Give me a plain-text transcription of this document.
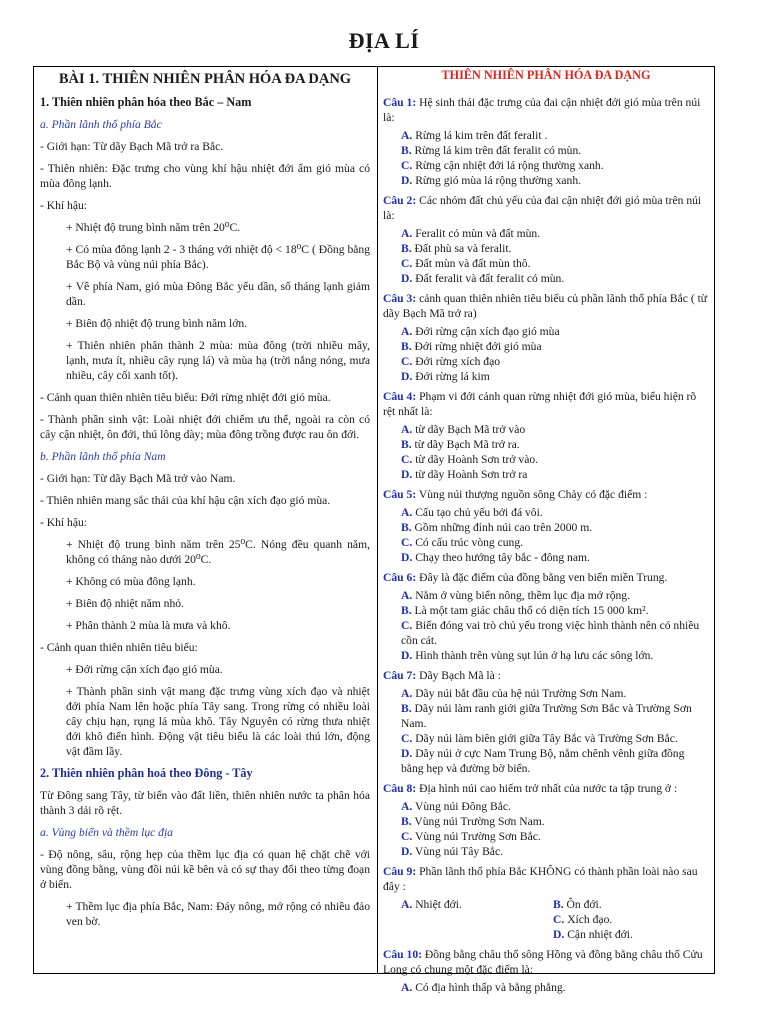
ĐỊA LÍ
BÀI 1. THIÊN NHIÊN PHÂN HÓA ĐA DẠNG
1. Thiên nhiên phân hóa theo Bắc – Nam
a. Phần lãnh thổ phía Bắc
- Giới hạn: Từ dãy Bạch Mã trở ra Bắc.
- Thiên nhiên: Đặc trưng cho vùng khí hậu nhiệt đới ẩm gió mùa có mùa đông lạnh.
- Khí hậu:
+ Nhiệt độ trung bình năm trên 20⁰C.
+ Có mùa đông lạnh 2 - 3 tháng với nhiệt độ < 18⁰C ( Đồng bằng Bắc Bộ và vùng núi phía Bắc).
+ Về phía Nam, gió mùa Đông Bắc yếu dần, số tháng lạnh giảm dần.
+ Biên độ nhiệt độ trung bình năm lớn.
+ Thiên nhiên phân thành 2 mùa: mùa đông (trời nhiều mây, lạnh, mưa ít, nhiều cây rụng lá) và mùa hạ (trời nắng nóng, mưa nhiều, cây cối xanh tốt).
- Cảnh quan thiên nhiên tiêu biểu: Đới rừng nhiệt đới gió mùa.
- Thành phần sinh vật: Loài nhiệt đới chiếm ưu thế, ngoài ra còn có cây cận nhiệt, ôn đới, thú lông dày; mùa đông trồng được rau ôn đới.
b. Phần lãnh thổ phía Nam
- Giới hạn: Từ dãy Bạch Mã trở vào Nam.
- Thiên nhiên mang sắc thái của khí hậu cận xích đạo gió mùa.
- Khí hậu:
+ Nhiệt độ trung bình năm trên 25⁰C. Nóng đều quanh năm, không có tháng nào dưới 20⁰C.
+ Không có mùa đông lạnh.
+ Biên độ nhiệt năm nhỏ.
+ Phân thành 2 mùa là mưa và khô.
- Cảnh quan thiên nhiên tiêu biểu:
+ Đới rừng cận xích đạo gió mùa.
+ Thành phần sinh vật mang đặc trưng vùng xích đạo và nhiệt đới phía Nam lên hoặc phía Tây sang. Trong rừng có nhiều loài cây chịu hạn, rụng lá mùa khô. Tây Nguyên có rừng thưa nhiệt đới khô điển hình. Động vật tiêu biểu là các loài thú lớn, động vật đầm lầy.
2. Thiên nhiên phân hoá theo Đông - Tây
Từ Đông sang Tây, từ biển vào đất liền, thiên nhiên nước ta phân hóa thành 3 dải rõ rệt.
a. Vùng biển và thềm lục địa
- Độ nông, sâu, rộng hẹp của thềm lục địa có quan hệ chặt chẽ với vùng đồng bằng, vùng đồi núi kề bên và có sự thay đổi theo từng đoạn ở biển.
+ Thềm lục địa phía Bắc, Nam: Đáy nông, mở rộng có nhiều đảo ven bờ.
THIÊN NHIÊN PHÂN HÓA ĐA DẠNG
Câu 1: Hệ sinh thái đặc trưng của đai cận nhiệt đới gió mùa trên núi là:
A. Rừng lá kim trên đất feralit .
B. Rừng lá kim trên đất feralit có mùn.
C. Rừng cận nhiệt đới lá rộng thường xanh.
D. Rừng gió mùa lá rộng thường xanh.
Câu 2: Các nhóm đất chủ yếu của đai cận nhiệt đới gió mùa trên núi là:
A. Feralit có mùn và đất mùn.
B. Đất phù sa và feralit.
C. Đất mùn và đất mùn thô.
D. Đất feralit và đất feralit có mùn.
Câu 3: cảnh quan thiên nhiên tiêu biểu củ phần lãnh thổ phía Bắc ( từ dãy Bạch Mã trở ra)
A. Đới rừng cận xích đạo gió mùa
B. Đới rừng nhiệt đới gió mùa
C. Đới rừng xích đạo
D. Đới rừng lá kim
Câu 4: Phạm vi đới cảnh quan rừng nhiệt đới gió mùa, biểu hiện rõ rệt nhất là:
A. từ dãy Bạch Mã trở vào
B. từ dãy Bạch Mã trở ra.
C. từ dãy Hoành Sơn trở vào.
D. từ dãy Hoành Sơn trở ra
Câu 5: Vùng núi thượng nguồn sông Chảy có đặc điểm :
A. Cấu tạo chủ yếu bởi đá vôi.
B. Gồm những đỉnh núi cao trên 2000 m.
C. Có cấu trúc vòng cung.
D. Chạy theo hướng tây bắc - đông nam.
Câu 6: Đây là đặc điểm của đồng bằng ven biển miền Trung.
A. Nằm ở vùng biển nông, thềm lục địa mở rộng.
B. Là một tam giác châu thổ có diện tích 15 000 km².
C. Biển đóng vai trò chủ yếu trong việc hình thành nên có nhiều cồn cát.
D. Hình thành trên vùng sụt lún ở hạ lưu các sông lớn.
Câu 7: Dãy Bạch Mã là :
A. Dãy núi bắt đầu của hệ núi Trường Sơn Nam.
B. Dãy núi làm ranh giới giữa Trường Sơn Bắc và Trường Sơn Nam.
C. Dãy núi làm biên giới giữa Tây Bắc và Trường Sơn Bắc.
D. Dãy núi ở cực Nam Trung Bộ, nằm chênh vênh giữa đồng bằng hẹp và đường bờ biển.
Câu 8: Địa hình núi cao hiếm trở nhất của nước ta tập trung ở :
A. Vùng núi Đông Bắc.
B. Vùng núi Trường Sơn Nam.
C. Vùng núi Trường Sơn Bắc.
D. Vùng núi Tây Bắc.
Câu 9: Phần lãnh thổ phía Bắc KHÔNG có thành phần loài nào sau đây :
A. Nhiệt đới.	B. Ôn đới.
C. Xích đạo.
D. Cận nhiệt đới.
Câu 10: Đồng bằng châu thổ sông Hồng và đồng bằng châu thổ Cửu Long có chung một đặc điểm là:
A. Có địa hình thấp và bằng phẳng.
